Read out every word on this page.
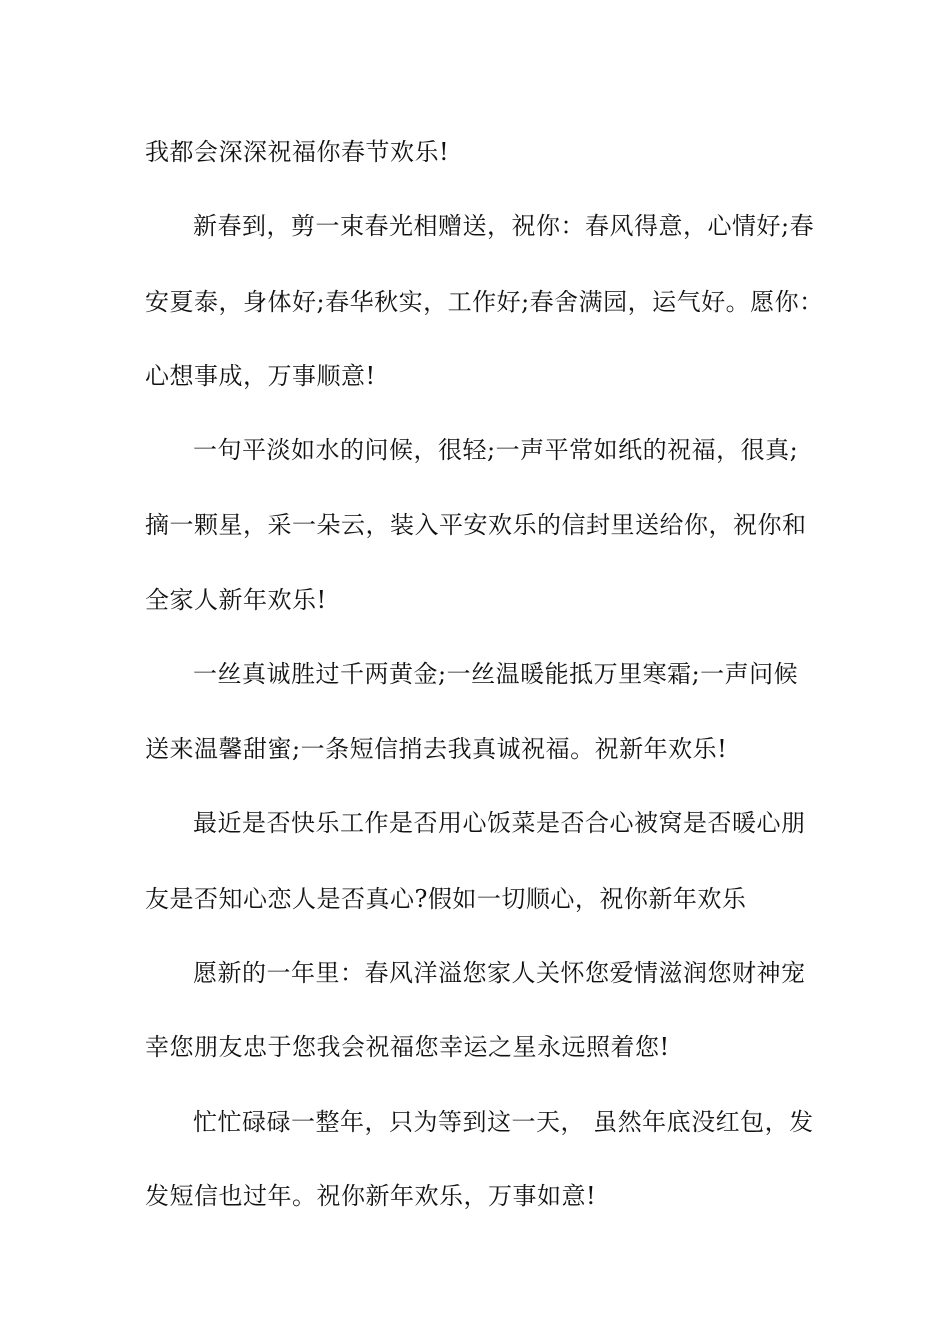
我都会深深祝福你春节欢乐!
新春到，剪一束春光相赠送，祝你：春风得意，心情好;春
安夏泰，身体好;春华秋实，工作好;春舍满园，运气好。愿你：
心想事成，万事顺意!
一句平淡如水的问候，很轻;一声平常如纸的祝福，很真;
摘一颗星，采一朵云，装入平安欢乐的信封里送给你，祝你和
全家人新年欢乐!
一丝真诚胜过千两黄金;一丝温暖能抵万里寒霜;一声问候
送来温馨甜蜜;一条短信捎去我真诚祝福。祝新年欢乐!
最近是否快乐工作是否用心饭菜是否合心被窝是否暖心朋
友是否知心恋人是否真心?假如一切顺心，祝你新年欢乐
愿新的一年里：春风洋溢您家人关怀您爱情滋润您财神宠
幸您朋友忠于您我会祝福您幸运之星永远照着您!
忙忙碌碌一整年，只为等到这一天， 虽然年底没红包，发
发短信也过年。祝你新年欢乐，万事如意!
